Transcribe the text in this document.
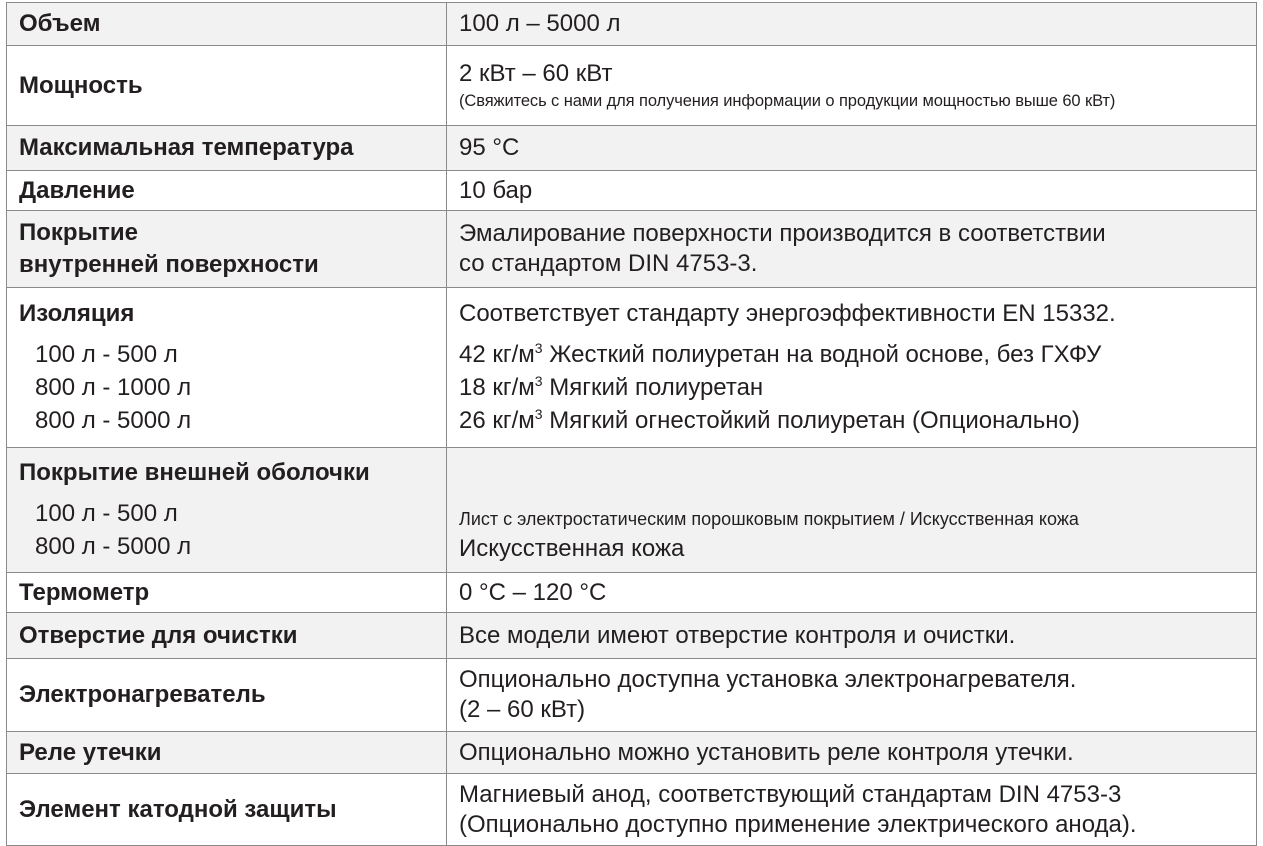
Объем	100 л – 5000 л
Мощность	2 кВт – 60 кВт
(Свяжитесь с нами для получения информации о продукции мощностью выше 60 кВт)

Максимальная температура	95 °C
Давление	10 бар

Покрытие
внутренней поверхности	Эмалирование поверхности производится в соответствии
со стандартом DIN 4753-3.

Изоляция
100 л - 500 л
800 л - 1000 л
800 л - 5000 л	Соответствует стандарту энергоэффективности EN 15332.
42 $кг/м^3$ Жесткий полиуретан на водной основе, без ГХФУ
18 $кг/м^3$ Мягкий полиуретан
26 $кг/м^3$ Мягкий огнестойкий полиуретан (Опционально)

Покрытие внешней оболочки
100 л - 500 л
800 л - 5000 л	Лист с электростатическим порошковым покрытием / Искусственная кожа
Искусственная кожа

Термометр	0 °C – 120 °C
Отверстие для очистки	Все модели имеют отверстие контроля и очистки.
Электронагреватель	Опционально доступна установка электронагревателя.
(2 – 60 кВт)

Реле утечки	Опционально можно установить реле контроля утечки.
Элемент катодной защиты	Магниевый анод, соответствующий стандартам DIN 4753-3
(Опционально доступно применение электрического анода).
